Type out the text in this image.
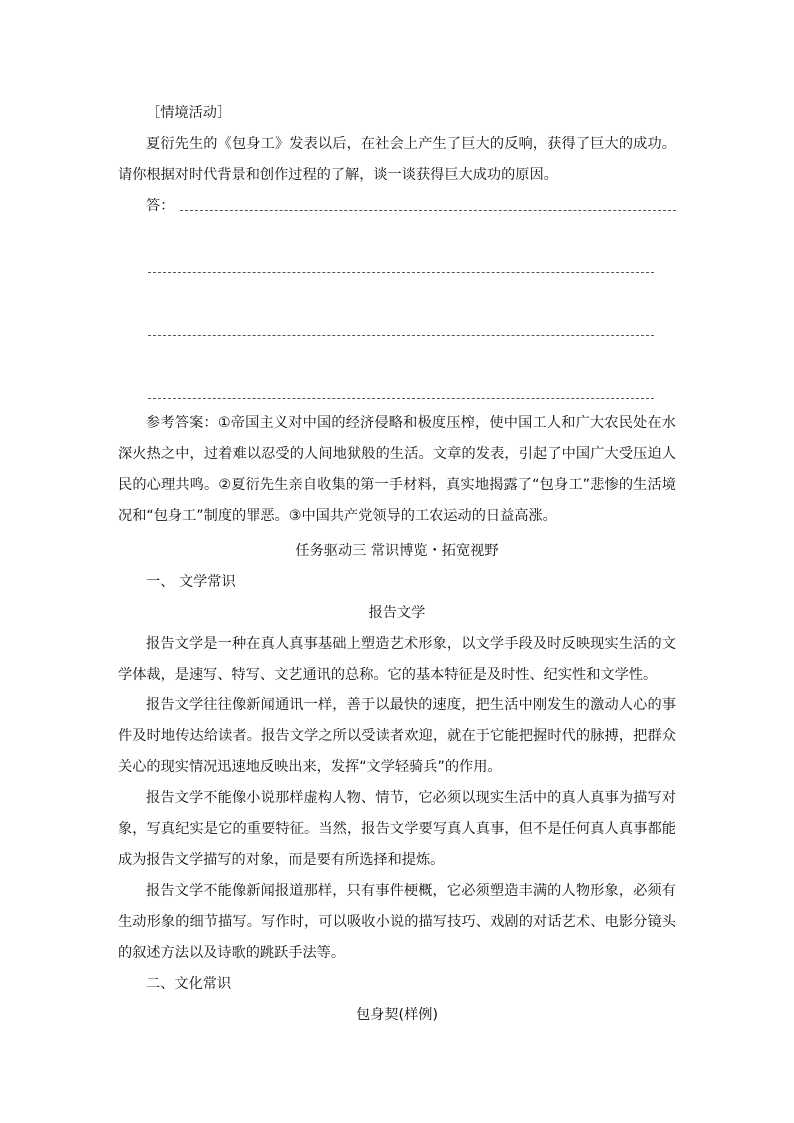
［情境活动］
夏衍先生的《包身工》发表以后，在社会上产生了巨大的反响，获得了巨大的成功。请你根据对时代背景和创作过程的了解，谈一谈获得巨大成功的原因。
答：
参考答案：①帝国主义对中国的经济侵略和极度压榨，使中国工人和广大农民处在水深火热之中，过着难以忍受的人间地狱般的生活。文章的发表，引起了中国广大受压迫人民的心理共鸣。②夏衍先生亲自收集的第一手材料，真实地揭露了“包身工”悲惨的生活境况和“包身工”制度的罪恶。③中国共产党领导的工农运动的日益高涨。
任务驱动三 常识博览・拓宽视野
一、 文学常识
报告文学
报告文学是一种在真人真事基础上塑造艺术形象，以文学手段及时反映现实生活的文学体裁，是速写、特写、文艺通讯的总称。它的基本特征是及时性、纪实性和文学性。
报告文学往往像新闻通讯一样，善于以最快的速度，把生活中刚发生的激动人心的事件及时地传达给读者。报告文学之所以受读者欢迎，就在于它能把握时代的脉搏，把群众关心的现实情况迅速地反映出来，发挥“文学轻骑兵”的作用。
报告文学不能像小说那样虚构人物、情节，它必须以现实生活中的真人真事为描写对象，写真纪实是它的重要特征。当然，报告文学要写真人真事，但不是任何真人真事都能成为报告文学描写的对象，而是要有所选择和提炼。
报告文学不能像新闻报道那样，只有事件梗概，它必须塑造丰满的人物形象，必须有生动形象的细节描写。写作时，可以吸收小说的描写技巧、戏剧的对话艺术、电影分镜头的叙述方法以及诗歌的跳跃手法等。
二、文化常识
包身契(样例)
